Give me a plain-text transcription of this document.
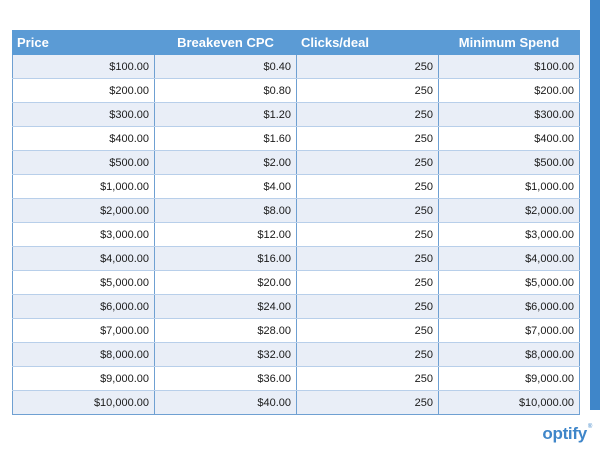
Price	Breakeven CPC	Clicks/deal	Minimum Spend
$100.00	$0.40	250	$100.00
$200.00	$0.80	250	$200.00
$300.00	$1.20	250	$300.00
$400.00	$1.60	250	$400.00
$500.00	$2.00	250	$500.00
$1,000.00	$4.00	250	$1,000.00
$2,000.00	$8.00	250	$2,000.00
$3,000.00	$12.00	250	$3,000.00
$4,000.00	$16.00	250	$4,000.00
$5,000.00	$20.00	250	$5,000.00
$6,000.00	$24.00	250	$6,000.00
$7,000.00	$28.00	250	$7,000.00
$8,000.00	$32.00	250	$8,000.00
$9,000.00	$36.00	250	$9,000.00
$10,000.00	$40.00	250	$10,000.00
optify®
